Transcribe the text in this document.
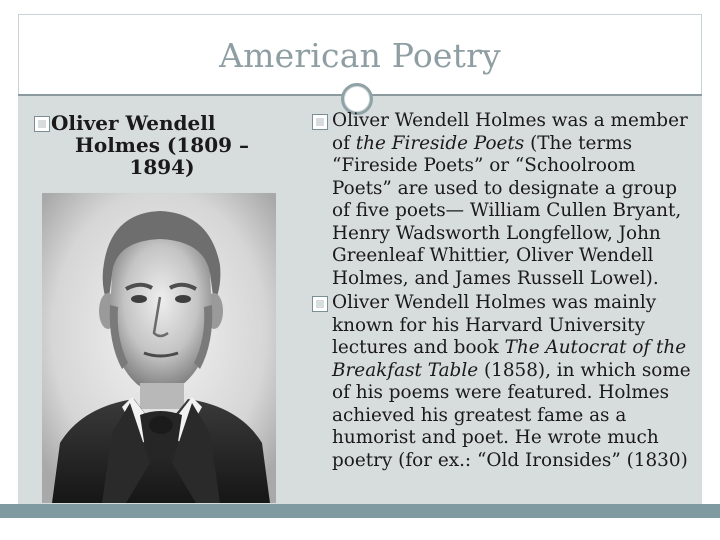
American Poetry
Oliver Wendell
Holmes (1809 –
1894)

Oliver Wendell Holmes was a member of the Fireside Poets (The terms “Fireside Poets” or “Schoolroom Poets” are used to designate a group of five poets— William Cullen Bryant, Henry Wadsworth Longfellow, John Greenleaf Whittier, Oliver Wendell Holmes, and James Russell Lowel).

Oliver Wendell Holmes was mainly known for his Harvard University lectures and book The Autocrat of the Breakfast Table (1858), in which some of his poems were featured. Holmes achieved his greatest fame as a humorist and poet. He wrote much poetry (for ex.: “Old Ironsides” (1830)
